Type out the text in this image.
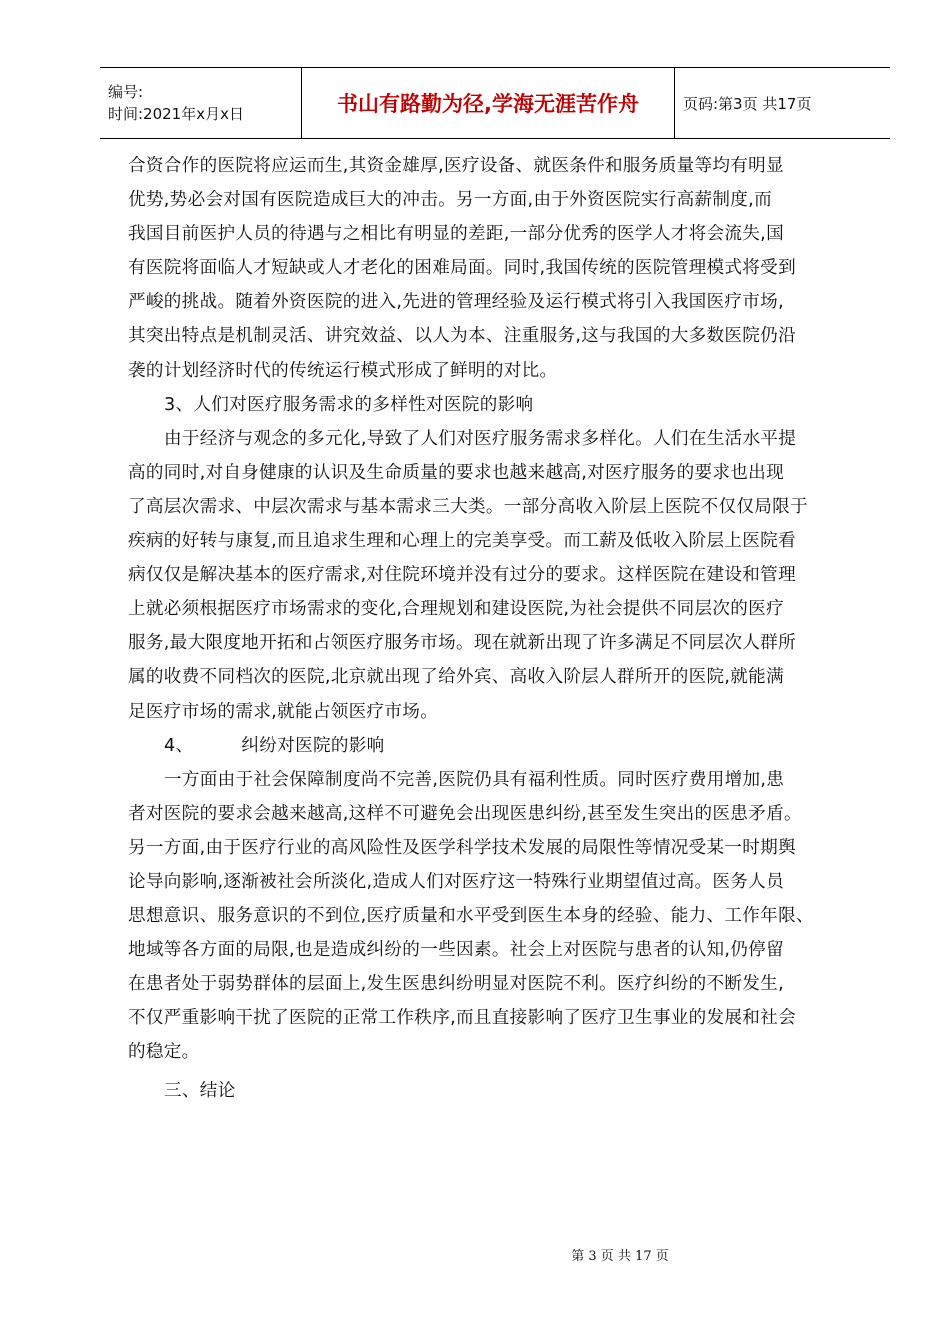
编号:
时间:2021年x月x日	书山有路勤为径,学海无涯苦作舟	页码:第3页 共17页

合资合作的医院将应运而生,其资金雄厚,医疗设备、就医条件和服务质量等均有明显

优势,势必会对国有医院造成巨大的冲击。另一方面,由于外资医院实行高薪制度,而

我国目前医护人员的待遇与之相比有明显的差距,一部分优秀的医学人才将会流失,国

有医院将面临人才短缺或人才老化的困难局面。同时,我国传统的医院管理模式将受到

严峻的挑战。随着外资医院的进入,先进的管理经验及运行模式将引入我国医疗市场,

其突出特点是机制灵活、讲究效益、以人为本、注重服务,这与我国的大多数医院仍沿

袭的计划经济时代的传统运行模式形成了鲜明的对比。

3、人们对医疗服务需求的多样性对医院的影响

由于经济与观念的多元化,导致了人们对医疗服务需求多样化。人们在生活水平提

高的同时,对自身健康的认识及生命质量的要求也越来越高,对医疗服务的要求也出现

了高层次需求、中层次需求与基本需求三大类。一部分高收入阶层上医院不仅仅局限于

疾病的好转与康复,而且追求生理和心理上的完美享受。而工薪及低收入阶层上医院看

病仅仅是解决基本的医疗需求,对住院环境并没有过分的要求。这样医院在建设和管理

上就必须根据医疗市场需求的变化,合理规划和建设医院,为社会提供不同层次的医疗

服务,最大限度地开拓和占领医疗服务市场。现在就新出现了许多满足不同层次人群所

属的收费不同档次的医院,北京就出现了给外宾、高收入阶层人群所开的医院,就能满

足医疗市场的需求,就能占领医疗市场。

4、	纠纷对医院的影响

一方面由于社会保障制度尚不完善,医院仍具有福利性质。同时医疗费用增加,患

者对医院的要求会越来越高,这样不可避免会出现医患纠纷,甚至发生突出的医患矛盾。

另一方面,由于医疗行业的高风险性及医学科学技术发展的局限性等情况受某一时期舆

论导向影响,逐渐被社会所淡化,造成人们对医疗这一特殊行业期望值过高。医务人员

思想意识、服务意识的不到位,医疗质量和水平受到医生本身的经验、能力、工作年限、

地域等各方面的局限,也是造成纠纷的一些因素。社会上对医院与患者的认知,仍停留

在患者处于弱势群体的层面上,发生医患纠纷明显对医院不利。医疗纠纷的不断发生,

不仅严重影响干扰了医院的正常工作秩序,而且直接影响了医疗卫生事业的发展和社会

的稳定。

三、结论

第 3 页 共 17 页
